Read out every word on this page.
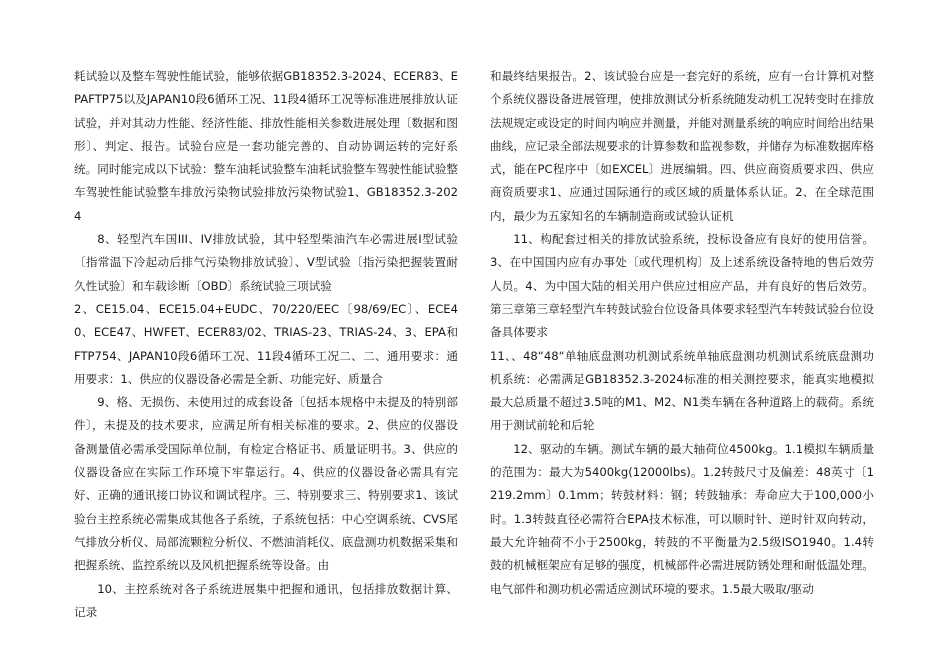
耗试验以及整车驾驶性能试验，能够依据GB18352.3-2024、ECER83、EPAFTP75以及JAPAN10段6循环工况、11段4循环工况等标准进展排放认证试验，并对其动力性能、经济性能、排放性能相关参数进展处理〔数据和图形〕、判定、报告。试验台应是一套功能完善的、自动协调运转的完好系统。同时能完成以下试验：整车油耗试验整车油耗试验整车驾驶性能试验整车驾驶性能试验整车排放污染物试验排放污染物试验1、GB18352.3-2024

8、轻型汽车国III、IV排放试验，其中轻型柴油汽车必需进展Ⅰ型试验〔指常温下冷起动后排气污染物排放试验〕、Ⅴ型试验〔指污染把握装置耐久性试验〕和车载诊断〔OBD〕系统试验三项试验

2、CE15.04、ECE15.04+EUDC、70/220/EEC〔98/69/EC〕、ECE40、ECE47、HWFET、ECER83/02、TRIAS-23、TRIAS-24、3、EPA和FTP754、JAPAN10段6循环工况、11段4循环工况二、二、通用要求：通用要求：1、供应的仪器设备必需是全新、功能完好、质量合

9、格、无损伤、未使用过的成套设备〔包括本规格中未提及的特别部件〕，未提及的技术要求，应满足所有相关标准的要求。2、供应的仪器设备测量值必需承受国际单位制，有检定合格证书、质量证明书。3、供应的仪器设备应在实际工作环境下牢靠运行。4、供应的仪器设备必需具有完好、正确的通讯接口协议和调试程序。三、特别要求三、特别要求1、该试验台主控系统必需集成其他各子系统，子系统包括：中心空调系统、CVS尾气排放分析仪、局部流颗粒分析仪、不燃油消耗仪、底盘测功机数据采集和把握系统、监控系统以及风机把握系统等设备。由

10、主控系统对各子系统进展集中把握和通讯，包括排放数据计算、记录

和最终结果报告。2、该试验台应是一套完好的系统，应有一台计算机对整个系统仪器设备进展管理，使排放测试分析系统随发动机工况转变时在排放法规规定或设定的时间内响应并测量，并能对测量系统的响应时间给出结果曲线，应记录全部法规要求的计算参数和监视参数，并储存为标准数据库格式，能在PC程序中〔如EXCEL〕进展编辑。四、供应商资质要求四、供应商资质要求1、应通过国际通行的或区域的质量体系认证。2、在全球范围内，最少为五家知名的车辆制造商或试验认证机

11、构配套过相关的排放试验系统，投标设备应有良好的使用信誉。3、在中国国内应有办事处〔或代理机构〕及上述系统设备特地的售后效劳人员。4、为中国大陆的相关用户供应过相应产品，并有良好的售后效劳。第三章第三章轻型汽车转鼓试验台位设备具体要求轻型汽车转鼓试验台位设备具体要求

11、、48“48“单轴底盘测功机测试系统单轴底盘测功机测试系统底盘测功机系统：必需满足GB18352.3-2024标准的相关测控要求，能真实地模拟最大总质量不超过3.5吨的M1、M2、N1类车辆在各种道路上的载荷。系统用于测试前轮和后轮

12、驱动的车辆。测试车辆的最大轴荷位4500kg。1.1模拟车辆质量的范围为：最大为5400kg(12000lbs)。1.2转鼓尺寸及偏差：48英寸〔1219.2mm〕0.1mm；转鼓材料：钢；转鼓轴承：寿命应大于100,000小时。1.3转鼓直径必需符合EPA技术标准，可以顺时针、逆时针双向转动，最大允许轴荷不小于2500kg，转鼓的不平衡量为2.5级ISO1940。1.4转鼓的机械框架应有足够的强度，机械部件必需进展防锈处理和耐低温处理。电气部件和测功机必需适应测试环境的要求。1.5最大吸取/驱动
